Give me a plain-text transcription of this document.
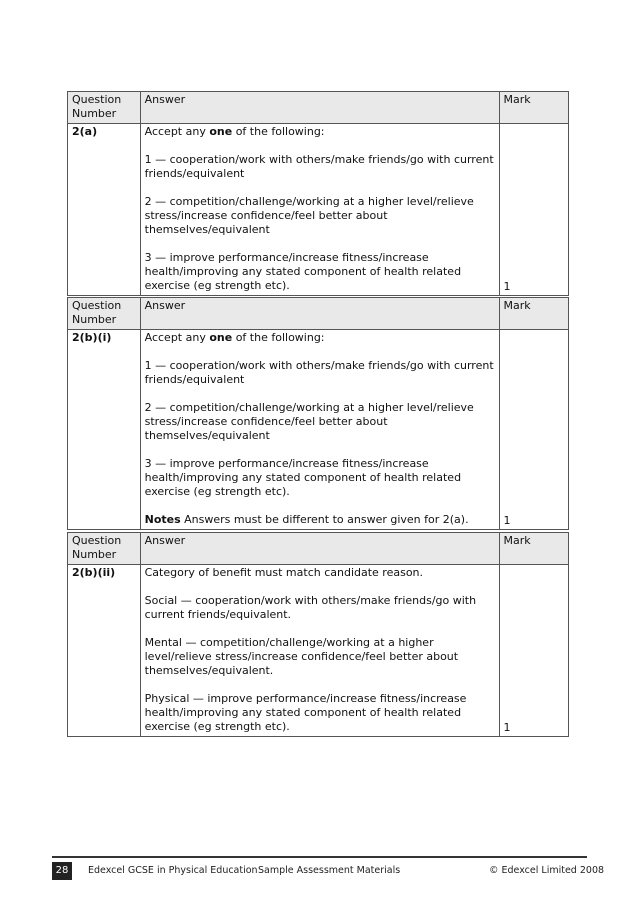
Question Number	Answer	Mark
2(a)	Accept any one of the following:

1 — cooperation/work with others/make friends/go with current friends/equivalent

2 — competition/challenge/working at a higher level/relieve stress/increase confidence/feel better about themselves/equivalent

3 — improve performance/increase fitness/increase health/improving any stated component of health related exercise (eg strength etc).	1
Question Number	Answer	Mark
2(b)(i)	Accept any one of the following:

1 — cooperation/work with others/make friends/go with current friends/equivalent

2 — competition/challenge/working at a higher level/relieve stress/increase confidence/feel better about themselves/equivalent

3 — improve performance/increase fitness/increase health/improving any stated component of health related exercise (eg strength etc).

Notes Answers must be different to answer given for 2(a).	1
Question Number	Answer	Mark
2(b)(ii)	Category of benefit must match candidate reason.

Social — cooperation/work with others/make friends/go with current friends/equivalent.

Mental — competition/challenge/working at a higher level/relieve stress/increase confidence/feel better about themselves/equivalent.

Physical — improve performance/increase fitness/increase health/improving any stated component of health related exercise (eg strength etc).	1
28	Edexcel GCSE in Physical Education Sample Assessment Materials	© Edexcel Limited 2008
